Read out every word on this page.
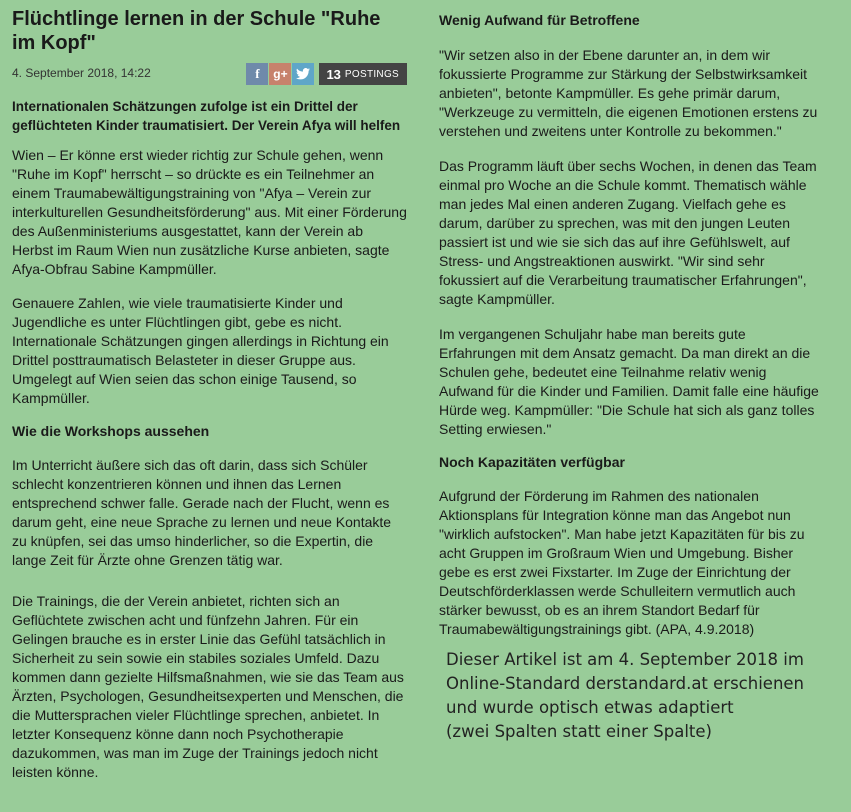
Flüchtlinge lernen in der Schule "Ruhe im Kopf"
4. September 2018, 14:22	f	g+	13 POSTINGS

Internationalen Schätzungen zufolge ist ein Drittel der geflüchteten Kinder traumatisiert. Der Verein Afya will helfen

Wien – Er könne erst wieder richtig zur Schule gehen, wenn "Ruhe im Kopf" herrscht – so drückte es ein Teilnehmer an einem Traumabewältigungstraining von "Afya – Verein zur interkulturellen Gesundheitsförderung" aus. Mit einer Förderung des Außenministeriums ausgestattet, kann der Verein ab Herbst im Raum Wien nun zusätzliche Kurse anbieten, sagte Afya-Obfrau Sabine Kampmüller.

Genauere Zahlen, wie viele traumatisierte Kinder und Jugendliche es unter Flüchtlingen gibt, gebe es nicht. Internationale Schätzungen gingen allerdings in Richtung ein Drittel posttraumatisch Belasteter in dieser Gruppe aus. Umgelegt auf Wien seien das schon einige Tausend, so Kampmüller.

Wie die Workshops aussehen

Im Unterricht äußere sich das oft darin, dass sich Schüler schlecht konzentrieren können und ihnen das Lernen entsprechend schwer falle. Gerade nach der Flucht, wenn es darum geht, eine neue Sprache zu lernen und neue Kontakte zu knüpfen, sei das umso hinderlicher, so die Expertin, die lange Zeit für Ärzte ohne Grenzen tätig war.

Die Trainings, die der Verein anbietet, richten sich an Geflüchtete zwischen acht und fünfzehn Jahren. Für ein Gelingen brauche es in erster Linie das Gefühl tatsächlich in Sicherheit zu sein sowie ein stabiles soziales Umfeld. Dazu kommen dann gezielte Hilfsmaßnahmen, wie sie das Team aus Ärzten, Psychologen, Gesundheitsexperten und Menschen, die die Muttersprachen vieler Flüchtlinge sprechen, anbietet. In letzter Konsequenz könne dann noch Psychotherapie dazukommen, was man im Zuge der Trainings jedoch nicht leisten könne.

Wenig Aufwand für Betroffene

"Wir setzen also in der Ebene darunter an, in dem wir fokussierte Programme zur Stärkung der Selbstwirksamkeit anbieten", betonte Kampmüller. Es gehe primär darum, "Werkzeuge zu vermitteln, die eigenen Emotionen erstens zu verstehen und zweitens unter Kontrolle zu bekommen."

Das Programm läuft über sechs Wochen, in denen das Team einmal pro Woche an die Schule kommt. Thematisch wähle man jedes Mal einen anderen Zugang. Vielfach gehe es darum, darüber zu sprechen, was mit den jungen Leuten passiert ist und wie sie sich das auf ihre Gefühlswelt, auf Stress- und Angstreaktionen auswirkt. "Wir sind sehr fokussiert auf die Verarbeitung traumatischer Erfahrungen", sagte Kampmüller.

Im vergangenen Schuljahr habe man bereits gute Erfahrungen mit dem Ansatz gemacht. Da man direkt an die Schulen gehe, bedeutet eine Teilnahme relativ wenig Aufwand für die Kinder und Familien. Damit falle eine häufige Hürde weg. Kampmüller: "Die Schule hat sich als ganz tolles Setting erwiesen."

Noch Kapazitäten verfügbar

Aufgrund der Förderung im Rahmen des nationalen Aktionsplans für Integration könne man das Angebot nun "wirklich aufstocken". Man habe jetzt Kapazitäten für bis zu acht Gruppen im Großraum Wien und Umgebung. Bisher gebe es erst zwei Fixstarter. Im Zuge der Einrichtung der Deutschförderklassen werde Schulleitern vermutlich auch stärker bewusst, ob es an ihrem Standort Bedarf für Traumabewältigungstrainings gibt. (APA, 4.9.2018)

Dieser Artikel ist am 4. September 2018 im
Online-Standard derstandard.at erschienen
und wurde optisch etwas adaptiert
(zwei Spalten statt einer Spalte)
